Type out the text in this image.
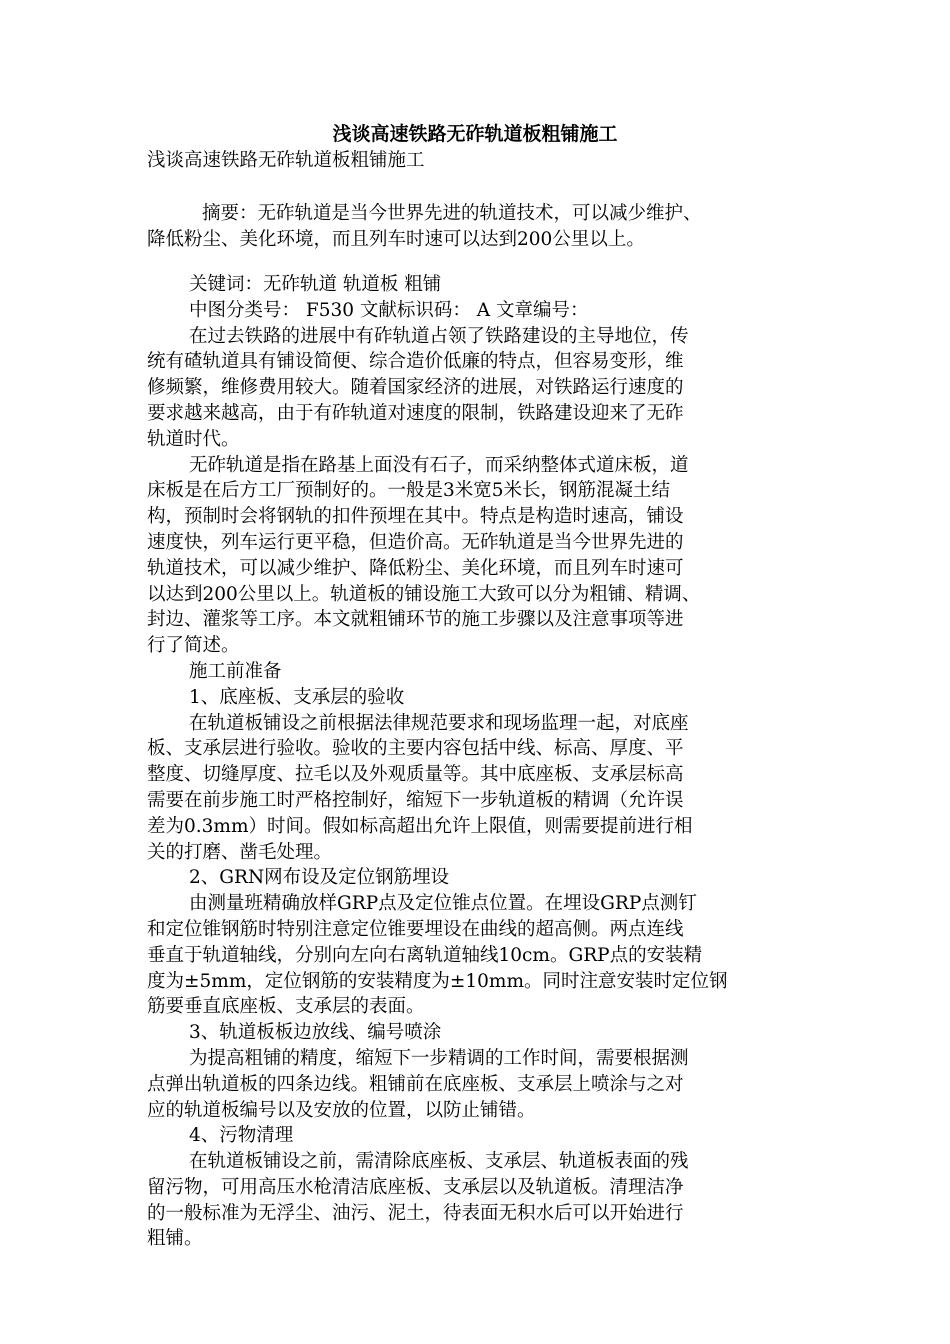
浅谈高速铁路无砟轨道板粗铺施工

浅谈高速铁路无砟轨道板粗铺施工

摘要：无砟轨道是当今世界先进的轨道技术，可以减少维护、

降低粉尘、美化环境，而且列车时速可以达到200公里以上。

关键词：无砟轨道 轨道板 粗铺

中图分类号： F530 文献标识码： A 文章编号：

在过去铁路的进展中有砟轨道占领了铁路建设的主导地位，传

统有碴轨道具有铺设简便、综合造价低廉的特点，但容易变形，维

修频繁，维修费用较大。随着国家经济的进展，对铁路运行速度的

要求越来越高，由于有砟轨道对速度的限制，铁路建设迎来了无砟

轨道时代。

无砟轨道是指在路基上面没有石子，而采纳整体式道床板，道

床板是在后方工厂预制好的。一般是3米宽5米长，钢筋混凝土结

构，预制时会将钢轨的扣件预埋在其中。特点是构造时速高，铺设

速度快，列车运行更平稳，但造价高。无砟轨道是当今世界先进的

轨道技术，可以减少维护、降低粉尘、美化环境，而且列车时速可

以达到200公里以上。轨道板的铺设施工大致可以分为粗铺、精调、

封边、灌浆等工序。本文就粗铺环节的施工步骤以及注意事项等进

行了简述。

施工前准备

1、底座板、支承层的验收

在轨道板铺设之前根据法律规范要求和现场监理一起，对底座

板、支承层进行验收。验收的主要内容包括中线、标高、厚度、平

整度、切缝厚度、拉毛以及外观质量等。其中底座板、支承层标高

需要在前步施工时严格控制好，缩短下一步轨道板的精调（允许误

差为0.3mm）时间。假如标高超出允许上限值，则需要提前进行相

关的打磨、凿毛处理。

2、GRN网布设及定位钢筋埋设

由测量班精确放样GRP点及定位锥点位置。在埋设GRP点测钉

和定位锥钢筋时特别注意定位锥要埋设在曲线的超高侧。两点连线

垂直于轨道轴线，分别向左向右离轨道轴线10cm。GRP点的安装精

度为±5mm，定位钢筋的安装精度为±10mm。同时注意安装时定位钢

筋要垂直底座板、支承层的表面。

3、轨道板板边放线、编号喷涂

为提高粗铺的精度，缩短下一步精调的工作时间，需要根据测

点弹出轨道板的四条边线。粗铺前在底座板、支承层上喷涂与之对

应的轨道板编号以及安放的位置，以防止铺错。

4、污物清理

在轨道板铺设之前，需清除底座板、支承层、轨道板表面的残

留污物，可用高压水枪清洁底座板、支承层以及轨道板。清理洁净

的一般标准为无浮尘、油污、泥土，待表面无积水后可以开始进行

粗铺。
